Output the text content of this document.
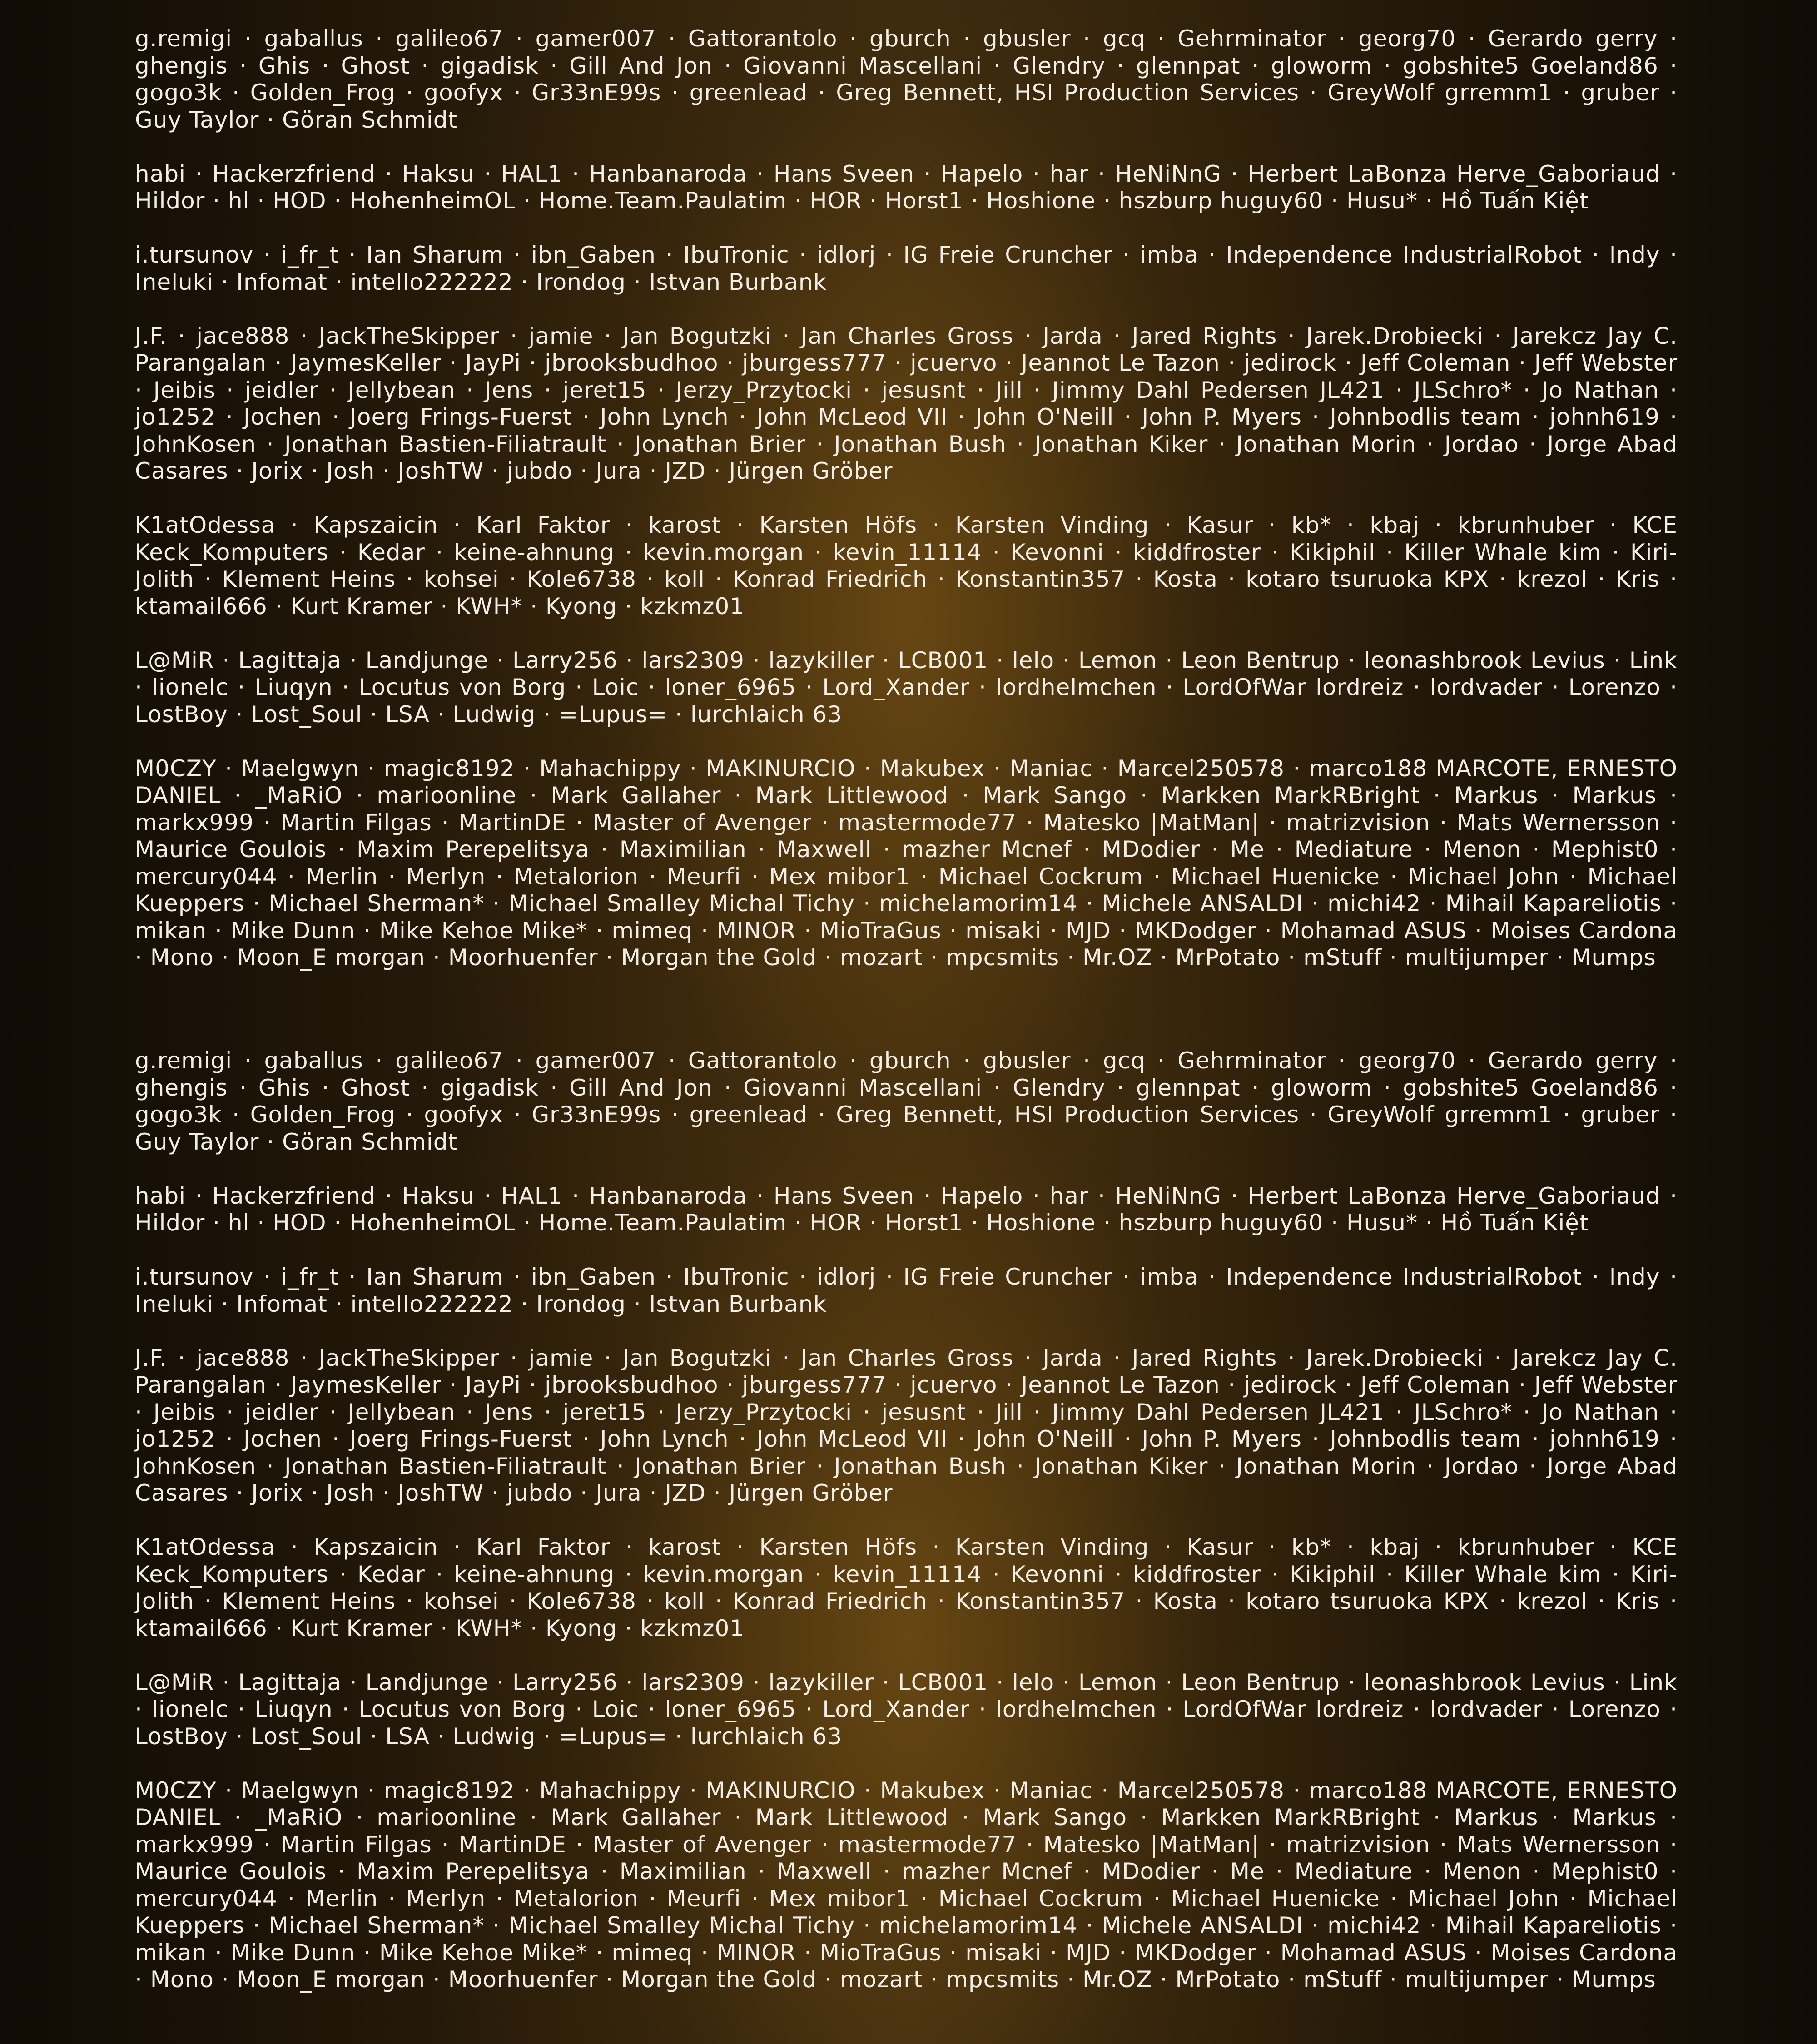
g.remigi · gaballus · galileo67 · gamer007 · Gattorantolo · gburch · gbusler · gcq · Gehrminator · georg70 · Gerardo gerry · ghengis · Ghis · Ghost · gigadisk · Gill And Jon · Giovanni Mascellani · Glendry · glennpat · gloworm · gobshite5 Goeland86 · gogo3k · Golden_Frog · goofyx · Gr33nE99s · greenlead · Greg Bennett, HSI Production Services · GreyWolf grremm1 · gruber · Guy Taylor · Göran Schmidt

habi · Hackerzfriend · Haksu · HAL1 · Hanbanaroda · Hans Sveen · Hapelo · har · HeNiNnG · Herbert LaBonza Herve_Gaboriaud · Hildor · hl · HOD · HohenheimOL · Home.Team.Paulatim · HOR · Horst1 · Hoshione · hszburp huguy60 · Husu* · Hồ Tuấn Kiệt

i.tursunov · i_fr_t · Ian Sharum · ibn_Gaben · IbuTronic · idlorj · IG Freie Cruncher · imba · Independence IndustrialRobot · Indy · Ineluki · Infomat · intello222222 · Irondog · Istvan Burbank

J.F. · jace888 · JackTheSkipper · jamie · Jan Bogutzki · Jan Charles Gross · Jarda · Jared Rights · Jarek.Drobiecki · Jarekcz Jay C. Parangalan · JaymesKeller · JayPi · jbrooksbudhoo · jburgess777 · jcuervo · Jeannot Le Tazon · jedirock · Jeff Coleman · Jeff Webster · Jeibis · jeidler · Jellybean · Jens · jeret15 · Jerzy_Przytocki · jesusnt · Jill · Jimmy Dahl Pedersen JL421 · JLSchro* · Jo Nathan · jo1252 · Jochen · Joerg Frings-Fuerst · John Lynch · John McLeod VII · John O'Neill · John P. Myers · Johnbodlis team · johnh619 · JohnKosen · Jonathan Bastien-Filiatrault · Jonathan Brier · Jonathan Bush · Jonathan Kiker · Jonathan Morin · Jordao · Jorge Abad Casares · Jorix · Josh · JoshTW · jubdo · Jura · JZD · Jürgen Gröber

K1atOdessa · Kapszaicin · Karl Faktor · karost · Karsten Höfs · Karsten Vinding · Kasur · kb* · kbaj · kbrunhuber · KCE Keck_Komputers · Kedar · keine-ahnung · kevin.morgan · kevin_11114 · Kevonni · kiddfroster · Kikiphil · Killer Whale kim · Kiri-Jolith · Klement Heins · kohsei · Kole6738 · koll · Konrad Friedrich · Konstantin357 · Kosta · kotaro tsuruoka KPX · krezol · Kris · ktamail666 · Kurt Kramer · KWH* · Kyong · kzkmz01

L@MiR · Lagittaja · Landjunge · Larry256 · lars2309 · lazykiller · LCB001 · lelo · Lemon · Leon Bentrup · leonashbrook Levius · Link · lionelc · Liuqyn · Locutus von Borg · Loic · loner_6965 · Lord_Xander · lordhelmchen · LordOfWar lordreiz · lordvader · Lorenzo · LostBoy · Lost_Soul · LSA · Ludwig · =Lupus= · lurchlaich 63

M0CZY · Maelgwyn · magic8192 · Mahachippy · MAKINURCIO · Makubex · Maniac · Marcel250578 · marco188 MARCOTE, ERNESTO DANIEL · _MaRiO · marioonline · Mark Gallaher · Mark Littlewood · Mark Sango · Markken MarkRBright · Markus · Markus · markx999 · Martin Filgas · MartinDE · Master of Avenger · mastermode77 · Matesko |MatMan| · matrizvision · Mats Wernersson · Maurice Goulois · Maxim Perepelitsya · Maximilian · Maxwell · mazher Mcnef · MDodier · Me · Mediature · Menon · Mephist0 · mercury044 · Merlin · Merlyn · Metalorion · Meurfi · Mex mibor1 · Michael Cockrum · Michael Huenicke · Michael John · Michael Kueppers · Michael Sherman* · Michael Smalley Michal Tichy · michelamorim14 · Michele ANSALDI · michi42 · Mihail Kapareliotis · mikan · Mike Dunn · Mike Kehoe Mike* · mimeq · MINOR · MioTraGus · misaki · MJD · MKDodger · Mohamad ASUS · Moises Cardona · Mono · Moon_E morgan · Moorhuenfer · Morgan the Gold · mozart · mpcsmits · Mr.OZ · MrPotato · mStuff · multijumper · Mumps

g.remigi · gaballus · galileo67 · gamer007 · Gattorantolo · gburch · gbusler · gcq · Gehrminator · georg70 · Gerardo gerry · ghengis · Ghis · Ghost · gigadisk · Gill And Jon · Giovanni Mascellani · Glendry · glennpat · gloworm · gobshite5 Goeland86 · gogo3k · Golden_Frog · goofyx · Gr33nE99s · greenlead · Greg Bennett, HSI Production Services · GreyWolf grremm1 · gruber · Guy Taylor · Göran Schmidt

habi · Hackerzfriend · Haksu · HAL1 · Hanbanaroda · Hans Sveen · Hapelo · har · HeNiNnG · Herbert LaBonza Herve_Gaboriaud · Hildor · hl · HOD · HohenheimOL · Home.Team.Paulatim · HOR · Horst1 · Hoshione · hszburp huguy60 · Husu* · Hồ Tuấn Kiệt

i.tursunov · i_fr_t · Ian Sharum · ibn_Gaben · IbuTronic · idlorj · IG Freie Cruncher · imba · Independence IndustrialRobot · Indy · Ineluki · Infomat · intello222222 · Irondog · Istvan Burbank

J.F. · jace888 · JackTheSkipper · jamie · Jan Bogutzki · Jan Charles Gross · Jarda · Jared Rights · Jarek.Drobiecki · Jarekcz Jay C. Parangalan · JaymesKeller · JayPi · jbrooksbudhoo · jburgess777 · jcuervo · Jeannot Le Tazon · jedirock · Jeff Coleman · Jeff Webster · Jeibis · jeidler · Jellybean · Jens · jeret15 · Jerzy_Przytocki · jesusnt · Jill · Jimmy Dahl Pedersen JL421 · JLSchro* · Jo Nathan · jo1252 · Jochen · Joerg Frings-Fuerst · John Lynch · John McLeod VII · John O'Neill · John P. Myers · Johnbodlis team · johnh619 · JohnKosen · Jonathan Bastien-Filiatrault · Jonathan Brier · Jonathan Bush · Jonathan Kiker · Jonathan Morin · Jordao · Jorge Abad Casares · Jorix · Josh · JoshTW · jubdo · Jura · JZD · Jürgen Gröber

K1atOdessa · Kapszaicin · Karl Faktor · karost · Karsten Höfs · Karsten Vinding · Kasur · kb* · kbaj · kbrunhuber · KCE Keck_Komputers · Kedar · keine-ahnung · kevin.morgan · kevin_11114 · Kevonni · kiddfroster · Kikiphil · Killer Whale kim · Kiri-Jolith · Klement Heins · kohsei · Kole6738 · koll · Konrad Friedrich · Konstantin357 · Kosta · kotaro tsuruoka KPX · krezol · Kris · ktamail666 · Kurt Kramer · KWH* · Kyong · kzkmz01

L@MiR · Lagittaja · Landjunge · Larry256 · lars2309 · lazykiller · LCB001 · lelo · Lemon · Leon Bentrup · leonashbrook Levius · Link · lionelc · Liuqyn · Locutus von Borg · Loic · loner_6965 · Lord_Xander · lordhelmchen · LordOfWar lordreiz · lordvader · Lorenzo · LostBoy · Lost_Soul · LSA · Ludwig · =Lupus= · lurchlaich 63

M0CZY · Maelgwyn · magic8192 · Mahachippy · MAKINURCIO · Makubex · Maniac · Marcel250578 · marco188 MARCOTE, ERNESTO DANIEL · _MaRiO · marioonline · Mark Gallaher · Mark Littlewood · Mark Sango · Markken MarkRBright · Markus · Markus · markx999 · Martin Filgas · MartinDE · Master of Avenger · mastermode77 · Matesko |MatMan| · matrizvision · Mats Wernersson · Maurice Goulois · Maxim Perepelitsya · Maximilian · Maxwell · mazher Mcnef · MDodier · Me · Mediature · Menon · Mephist0 · mercury044 · Merlin · Merlyn · Metalorion · Meurfi · Mex mibor1 · Michael Cockrum · Michael Huenicke · Michael John · Michael Kueppers · Michael Sherman* · Michael Smalley Michal Tichy · michelamorim14 · Michele ANSALDI · michi42 · Mihail Kapareliotis · mikan · Mike Dunn · Mike Kehoe Mike* · mimeq · MINOR · MioTraGus · misaki · MJD · MKDodger · Mohamad ASUS · Moises Cardona · Mono · Moon_E morgan · Moorhuenfer · Morgan the Gold · mozart · mpcsmits · Mr.OZ · MrPotato · mStuff · multijumper · Mumps
